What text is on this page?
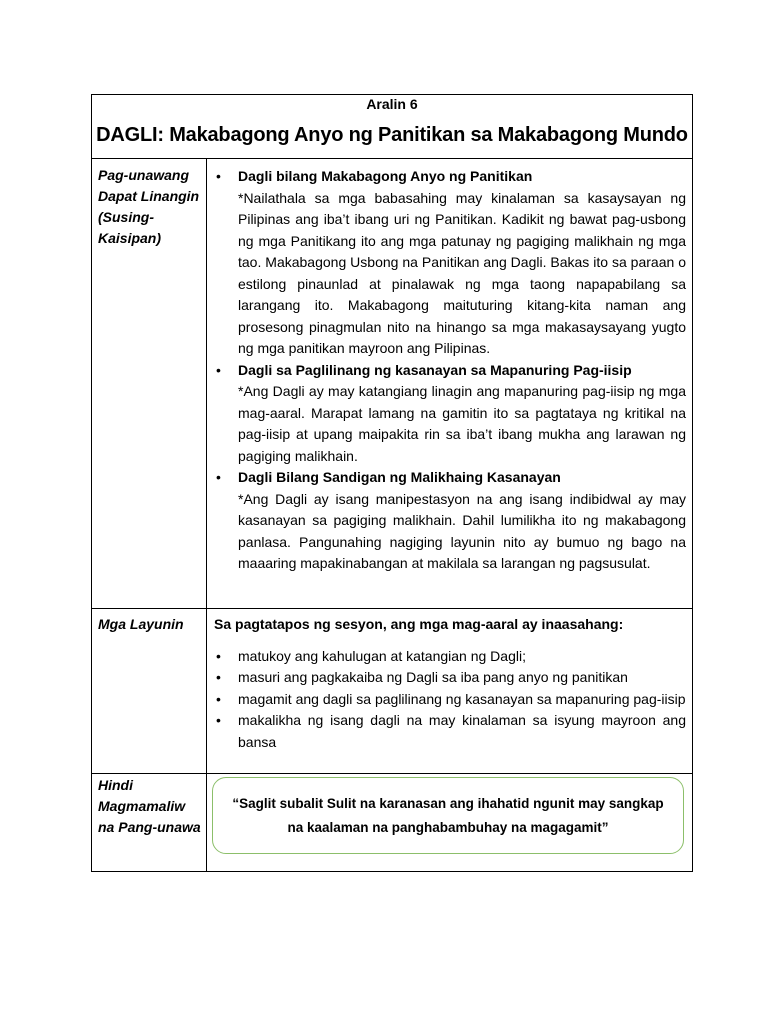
Aralin 6
DAGLI: Makabagong Anyo ng Panitikan sa Makabagong Mundo
Pag-unawang Dapat Linangin (Susing-Kaisipan)
• Dagli bilang Makabagong Anyo ng Panitikan
*Nailathala sa mga babasahing may kinalaman sa kasaysayan ng Pilipinas ang iba’t ibang uri ng Panitikan. Kadikit ng bawat pag-usbong ng mga Panitikang ito ang mga patunay ng pagiging malikhain ng mga tao. Makabagong Usbong na Panitikan ang Dagli. Bakas ito sa paraan o estilong pinaunlad at pinalawak ng mga taong napapabilang sa larangang ito. Makabagong maituturing kitang-kita naman ang prosesong pinagmulan nito na hinango sa mga makasaysayang yugto ng mga panitikan mayroon ang Pilipinas.
• Dagli sa Paglilinang ng kasanayan sa Mapanuring Pag-iisip
*Ang Dagli ay may katangiang linagin ang mapanuring pag-iisip ng mga mag-aaral. Marapat lamang na gamitin ito sa pagtataya ng kritikal na pag-iisip at upang maipakita rin sa iba’t ibang mukha ang larawan ng pagiging malikhain.
• Dagli Bilang Sandigan ng Malikhaing Kasanayan
*Ang Dagli ay isang manipestasyon na ang isang indibidwal ay may kasanayan sa pagiging malikhain. Dahil lumilikha ito ng makabagong panlasa. Pangunahing nagiging layunin nito ay bumuo ng bago na maaaring mapakinabangan at makilala sa larangan ng pagsusulat.
Mga Layunin	Sa pagtatapos ng sesyon, ang mga mag-aaral ay inaasahang:
• matukoy ang kahulugan at katangian ng Dagli;
• masuri ang pagkakaiba ng Dagli sa iba pang anyo ng panitikan
• magamit ang dagli sa paglilinang ng kasanayan sa mapanuring pag-iisip
• makalikha ng isang dagli na may kinalaman sa isyung mayroon ang bansa
Hindi Magmamaliw na Pang-unawa
“Saglit subalit Sulit na karanasan ang ihahatid ngunit may sangkap na kaalaman na panghabambuhay na magagamit”
